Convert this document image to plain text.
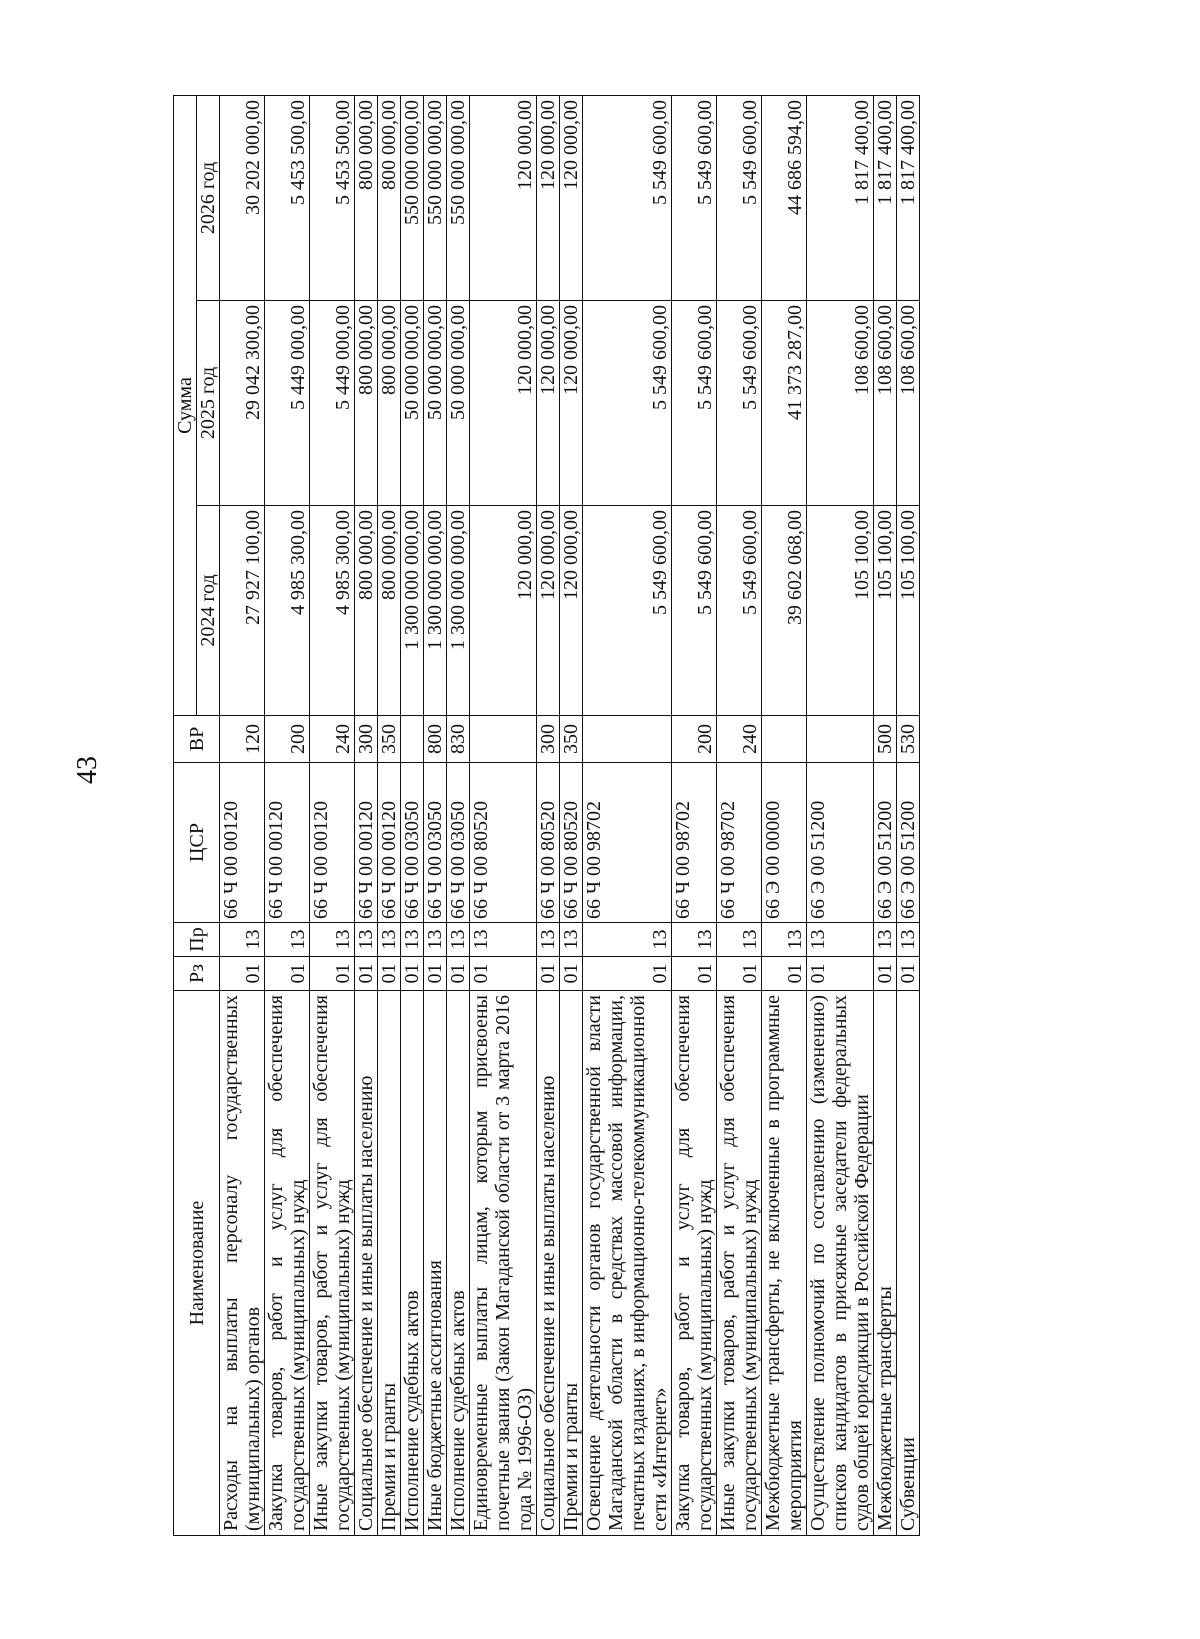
43
Наименование	Рз	Пр	ЦСР	ВР	Сумма		
					2024 год	2025 год	2026 год
Расходы на выплаты персоналу государственных (муниципальных) органов	01	13	66 Ч 00 00120	120	27 927 100,00	29 042 300,00	30 202 000,00
Закупка товаров, работ и услуг для обеспечения государственных (муниципальных) нужд	01	13	66 Ч 00 00120	200	4 985 300,00	5 449 000,00	5 453 500,00
Иные закупки товаров, работ и услуг для обеспечения государственных (муниципальных) нужд	01	13	66 Ч 00 00120	240	4 985 300,00	5 449 000,00	5 453 500,00
Социальное обеспечение и иные выплаты населению	01	13	66 Ч 00 00120	300	800 000,00	800 000,00	800 000,00
Премии и гранты	01	13	66 Ч 00 00120	350	800 000,00	800 000,00	800 000,00
Исполнение судебных актов	01	13	66 Ч 00 03050		1 300 000 000,00	50 000 000,00	550 000 000,00
Иные бюджетные ассигнования	01	13	66 Ч 00 03050	800	1 300 000 000,00	50 000 000,00	550 000 000,00
Исполнение судебных актов	01	13	66 Ч 00 03050	830	1 300 000 000,00	50 000 000,00	550 000 000,00
Единовременные выплаты лицам, которым присвоены почетные звания (Закон Магаданской области от 3 марта 2016 года № 1996-ОЗ)	01	13	66 Ч 00 80520		120 000,00	120 000,00	120 000,00
Социальное обеспечение и иные выплаты населению	01	13	66 Ч 00 80520	300	120 000,00	120 000,00	120 000,00
Премии и гранты	01	13	66 Ч 00 80520	350	120 000,00	120 000,00	120 000,00
Освещение деятельности органов государственной власти Магаданской области в средствах массовой информации, печатных изданиях, в информационно-телекоммуникационной сети «Интернет»	01	13	66 Ч 00 98702		5 549 600,00	5 549 600,00	5 549 600,00
Закупка товаров, работ и услуг для обеспечения государственных (муниципальных) нужд	01	13	66 Ч 00 98702	200	5 549 600,00	5 549 600,00	5 549 600,00
Иные закупки товаров, работ и услуг для обеспечения государственных (муниципальных) нужд	01	13	66 Ч 00 98702	240	5 549 600,00	5 549 600,00	5 549 600,00
Межбюджетные трансферты, не включенные в программные мероприятия	01	13	66 Э 00 00000		39 602 068,00	41 373 287,00	44 686 594,00
Осуществление полномочий по составлению (изменению) списков кандидатов в присяжные заседатели федеральных судов общей юрисдикции в Российской Федерации	01	13	66 Э 00 51200		105 100,00	108 600,00	1 817 400,00
Межбюджетные трансферты	01	13	66 Э 00 51200	500	105 100,00	108 600,00	1 817 400,00
Субвенции	01	13	66 Э 00 51200	530	105 100,00	108 600,00	1 817 400,00
